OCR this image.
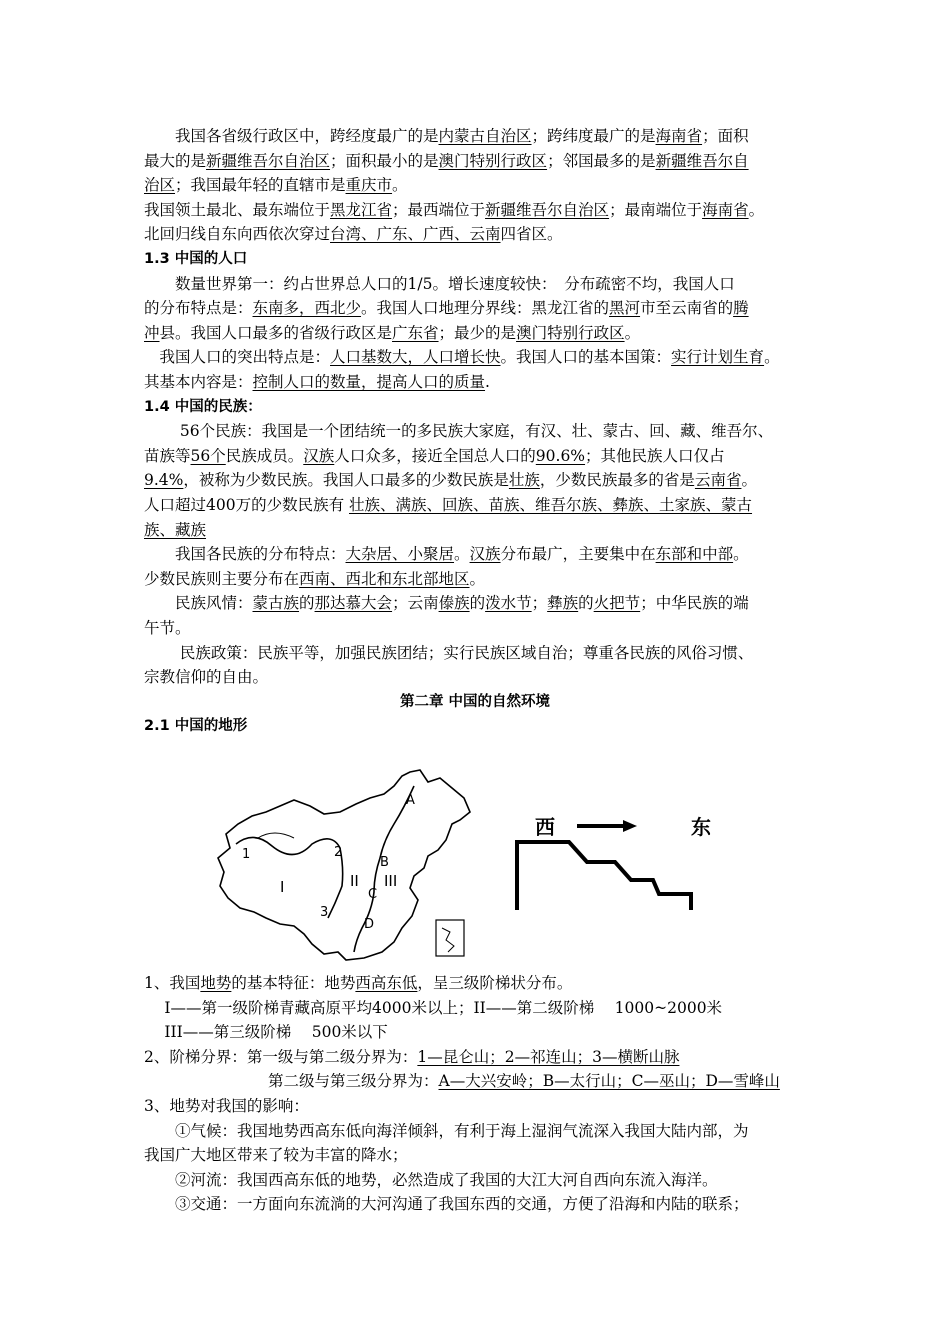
　　我国各省级行政区中，跨经度最广的是内蒙古自治区；跨纬度最广的是海南省；面积
最大的是新疆维吾尔自治区；面积最小的是澳门特别行政区；邻国最多的是新疆维吾尔自
治区；我国最年轻的直辖市是重庆市。
我国领土最北、最东端位于黑龙江省；最西端位于新疆维吾尔自治区；最南端位于海南省。
北回归线自东向西依次穿过台湾、广东、广西、云南四省区。
1.3 中国的人口
　　数量世界第一：约占世界总人口的1/5。增长速度较快：　分布疏密不均，我国人口
的分布特点是：东南多，西北少。我国人口地理分界线：黑龙江省的黑河市至云南省的腾
冲县。我国人口最多的省级行政区是广东省；最少的是澳门特别行政区。
　我国人口的突出特点是：人口基数大，人口增长快。我国人口的基本国策：实行计划生育。
其基本内容是：控制人口的数量，提高人口的质量.
1.4 中国的民族：
　　 56个民族：我国是一个团结统一的多民族大家庭，有汉、壮、蒙古、回、藏、维吾尔、
苗族等56个民族成员。汉族人口众多，接近全国总人口的90.6%；其他民族人口仅占
9.4%，被称为少数民族。我国人口最多的少数民族是壮族，少数民族最多的省是云南省。
人口超过400万的少数民族有 壮族、满族、回族、苗族、维吾尔族、彝族、土家族、蒙古
族、藏族
　　我国各民族的分布特点：大杂居、小聚居。汉族分布最广，主要集中在东部和中部。
少数民族则主要分布在西南、西北和东北部地区。
　　民族风情：蒙古族的那达慕大会；云南傣族的泼水节；彝族的火把节；中华民族的端
午节。
　　 民族政策：民族平等，加强民族团结；实行民族区域自治；尊重各民族的风俗习惯、
宗教信仰的自由。
第二章 中国的自然环境
2.1 中国的地形
1	2
3
A
B
C
D
I	II III
西	东
1、我国地势的基本特征：地势西高东低，呈三级阶梯状分布。
　 I——第一级阶梯青藏高原平均4000米以上；II——第二级阶梯　 1000~2000米
　 III——第三级阶梯　 500米以下
2、阶梯分界：第一级与第二级分界为：1—昆仑山；2—祁连山；3—横断山脉
　　　　　　　　第二级与第三级分界为：A—大兴安岭；B—太行山；C—巫山；D—雪峰山
3、地势对我国的影响：
　　①气候：我国地势西高东低向海洋倾斜，有利于海上湿润气流深入我国大陆内部，为
我国广大地区带来了较为丰富的降水；
　　②河流：我国西高东低的地势，必然造成了我国的大江大河自西向东流入海洋。
　　③交通：一方面向东流淌的大河沟通了我国东西的交通，方便了沿海和内陆的联系；
